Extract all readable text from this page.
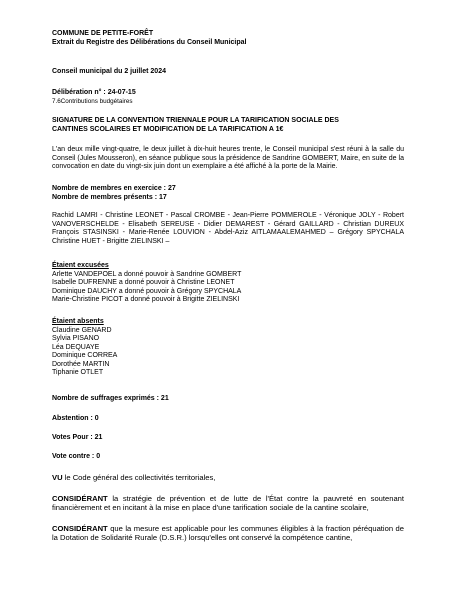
COMMUNE DE PETITE-FORÊT

Extrait du Registre des Délibérations du Conseil Municipal

Conseil municipal du 2 juillet 2024

Délibération n° : 24-07-15

7.6Contributions budgétaires

SIGNATURE DE LA CONVENTION TRIENNALE POUR LA TARIFICATION SOCIALE DES

CANTINES SCOLAIRES ET MODIFICATION DE LA TARIFICATION A 1€

L'an deux mille vingt-quatre, le deux juillet à dix-huit heures trente, le Conseil municipal s'est réuni à la salle du Conseil (Jules Mousseron), en séance publique sous la présidence de Sandrine GOMBERT, Maire, en suite de la convocation en date du vingt-six juin dont un exemplaire a été affiché à la porte de la Mairie.

Nombre de membres en exercice : 27

Nombre de membres présents : 17

Rachid LAMRI - Christine LEONET - Pascal CROMBE - Jean-Pierre POMMEROLE - Véronique JOLY - Robert VANOVERSCHELDE - Elisabeth SEREUSE - Didier DEMAREST - Gérard GAILLARD - Christian DUREUX François STASINSKI - Marie-Renée LOUVION - Abdel-Aziz AITLAMAALEMAHMED – Grégory SPYCHALA Christine HUET - Brigitte ZIELINSKI –

Étaient excusées

Arlette VANDEPOEL a donné pouvoir à Sandrine GOMBERT

Isabelle DUFRENNE a donné pouvoir à Christine LEONET

Dominique DAUCHY a donné pouvoir à Grégory SPYCHALA

Marie-Christine PICOT a donné pouvoir à Brigitte ZIELINSKI

Étaient absents

Claudine GENARD

Sylvia PISANO

Léa DEQUAYE

Dominique CORREA

Dorothée MARTIN

Tiphanie OTLET

Nombre de suffrages exprimés : 21

Abstention : 0

Votes Pour : 21

Vote contre : 0

VU le Code général des collectivités territoriales,

CONSIDÉRANT la stratégie de prévention et de lutte de l'État contre la pauvreté en soutenant financièrement et en incitant à la mise en place d'une tarification sociale de la cantine scolaire,

CONSIDÉRANT que la mesure est applicable pour les communes éligibles à la fraction péréquation de la Dotation de Solidarité Rurale (D.S.R.) lorsqu'elles ont conservé la compétence cantine,
